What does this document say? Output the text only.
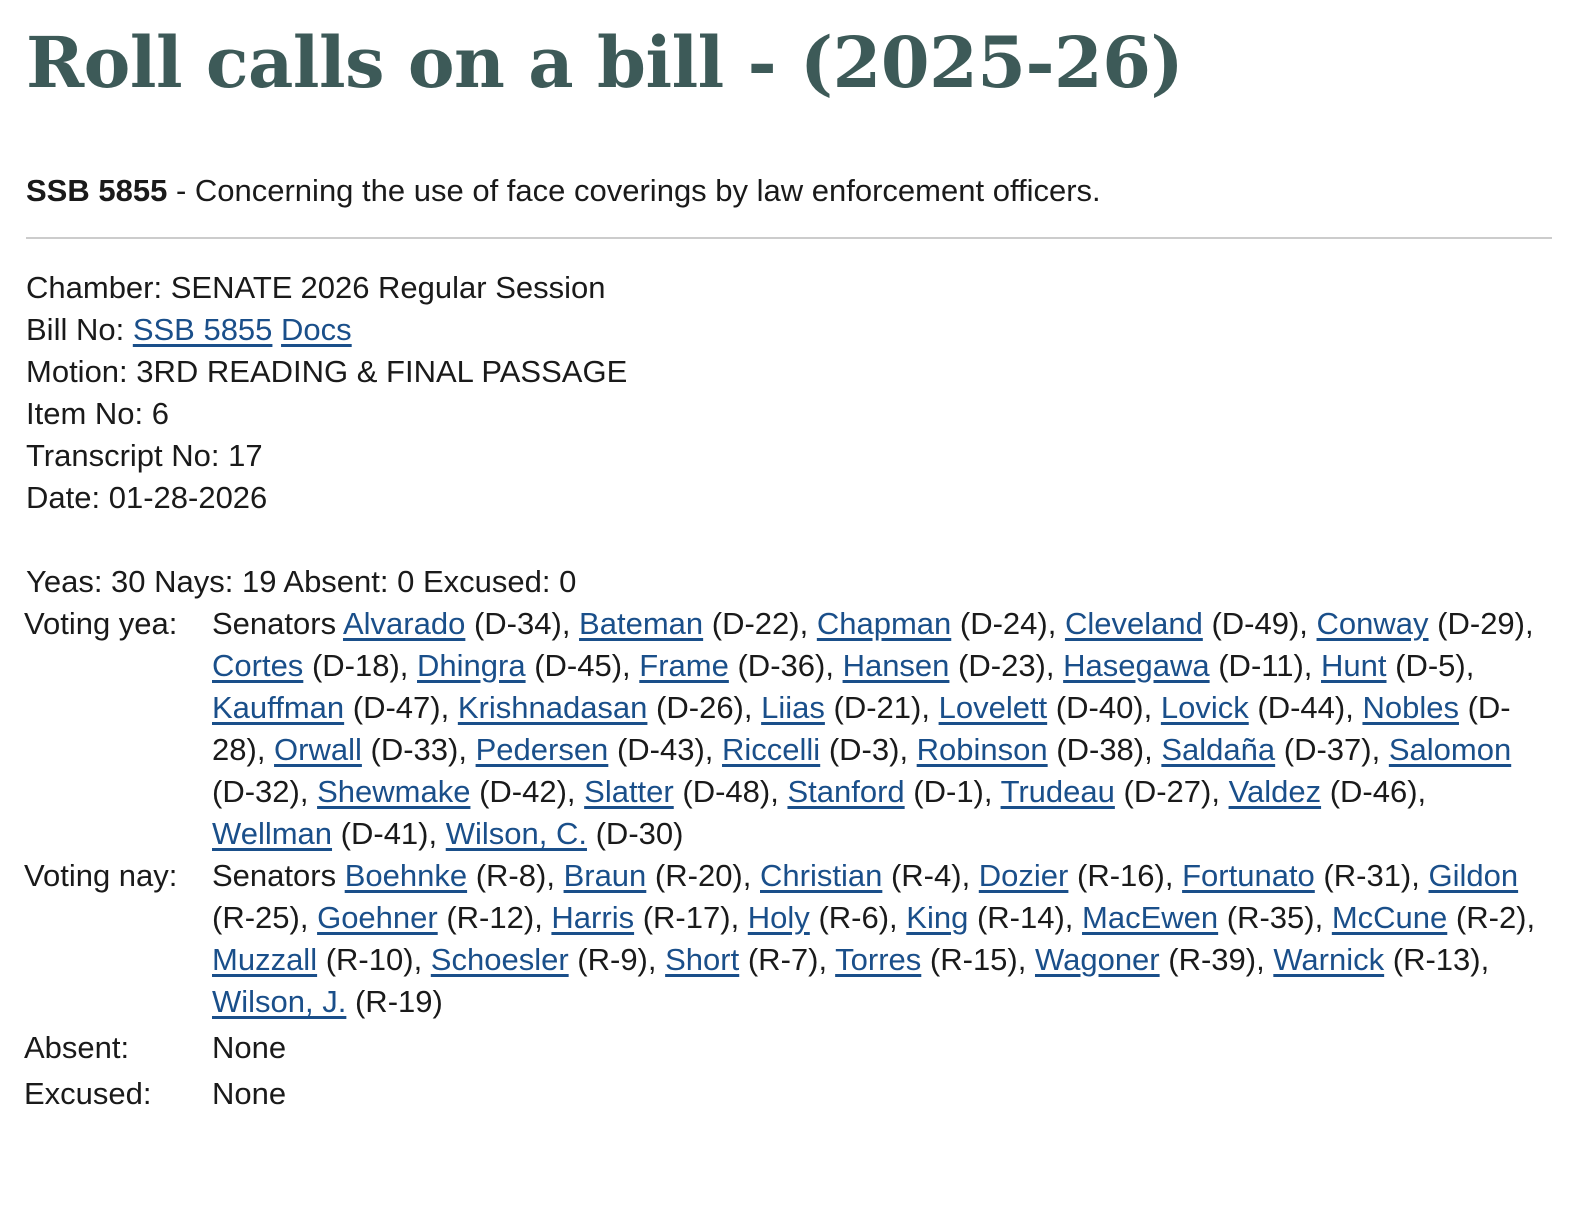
Roll calls on a bill - (2025-26)
SSB 5855 - Concerning the use of face coverings by law enforcement officers.
Chamber: SENATE 2026 Regular Session
Bill No: SSB 5855 Docs
Motion: 3RD READING & FINAL PASSAGE
Item No: 6
Transcript No: 17
Date: 01-28-2026
Yeas: 30 Nays: 19 Absent: 0 Excused: 0
Voting yea:	Senators Alvarado (D-34), Bateman (D-22), Chapman (D-24), Cleveland (D-49), Conway (D-29), Cortes (D-18), Dhingra (D-45), Frame (D-36), Hansen (D-23), Hasegawa (D-11), Hunt (D-5), Kauffman (D-47), Krishnadasan (D-26), Liias (D-21), Lovelett (D-40), Lovick (D-44), Nobles (D-28), Orwall (D-33), Pedersen (D-43), Riccelli (D-3), Robinson (D-38), Saldaña (D-37), Salomon (D-32), Shewmake (D-42), Slatter (D-48), Stanford (D-1), Trudeau (D-27), Valdez (D-46), Wellman (D-41), Wilson, C. (D-30)
Voting nay:	Senators Boehnke (R-8), Braun (R-20), Christian (R-4), Dozier (R-16), Fortunato (R-31), Gildon (R-25), Goehner (R-12), Harris (R-17), Holy (R-6), King (R-14), MacEwen (R-35), McCune (R-2), Muzzall (R-10), Schoesler (R-9), Short (R-7), Torres (R-15), Wagoner (R-39), Warnick (R-13), Wilson, J. (R-19)
Absent:	None
Excused:	None
